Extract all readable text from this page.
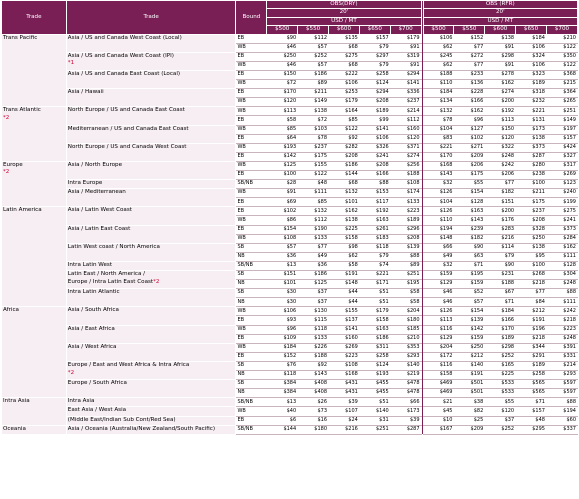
Trade	Trade	Bound	OBS(DRY)						OBS (RFR)				
			20'						20'				
			USD / MT						USD / MT				
			$500	$550	$600	$650	$700		$500	$550	$600	$650	$700

Trans Pacific	Asia / US and Canada West Coast (Local)	EB	$90	$112	$135	$157	$179		$106	$152	$138	$184	$210
		WB	$46	$57	$68	$79	$91		$62	$77	$91	$106	$122

	Asia / US and Canada West Coast (IPI)
*1	EB	$250	$252	$275	$297	$319		$245	$272	$298	$324	$350
		WB	$46	$57	$68	$79	$91		$62	$77	$91	$106	$122

	Asia / US and Canada East Coast (Local)	EB	$150	$186	$222	$258	$294		$188	$233	$278	$323	$368
		WB	$72	$89	$106	$124	$141		$110	$136	$162	$189	$215

	Asia / Hawaii	EB	$170	$211	$253	$294	$336		$184	$228	$274	$318	$364
		WB	$120	$149	$179	$208	$237		$134	$166	$200	$232	$265

Trans Atlantic
*2	North Europe / US and Canada East Coast	WB	$113	$138	$164	$189	$214		$132	$162	$192	$221	$251
		EB	$58	$72	$85	$99	$112		$78	$96	$113	$131	$149

	Mediterranean / US and Canada East Coast	WB	$85	$103	$122	$141	$160		$104	$127	$150	$173	$197
		EB	$64	$78	$92	$106	$120		$83	$102	$120	$138	$157

	North Europe / US and Canada West Coast	WB	$193	$237	$282	$326	$371		$221	$271	$322	$373	$424
		EB	$142	$175	$208	$241	$274		$170	$209	$248	$287	$327

Europe
*2	Asia / North Europe	WB	$125	$155	$186	$208	$256		$168	$206	$242	$280	$317
		EB	$100	$122	$144	$166	$188		$143	$175	$206	$238	$269

	Intra Europe	SB/NB	$28	$48	$68	$88	$108		$32	$55	$77	$100	$123

	Asia / Mediterranean	WB	$91	$111	$132	$153	$174		$126	$154	$182	$211	$240
		EB	$69	$85	$101	$117	$133		$104	$128	$151	$175	$199

Latin America	Asia / Latin West Coast	EB	$102	$132	$162	$192	$223		$126	$163	$200	$237	$275
		WB	$86	$112	$138	$163	$189		$110	$143	$176	$208	$241

	Asia / Latin East Coast	EB	$154	$190	$225	$261	$296		$194	$239	$283	$328	$373
		WB	$108	$133	$158	$183	$208		$148	$182	$216	$250	$284

	Latin West coast / North America	SB	$57	$77	$98	$118	$139		$66	$90	$114	$138	$162
		NB	$36	$49	$62	$79	$88		$49	$63	$79	$95	$111

	Intra Latin West	SB/NB	$13	$36	$58	$74	$89		$32	$71	$90	$100	$128

	Latin East / North America /
Europe / Intra Latin East Coast*2	SB	$151	$186	$191	$221	$251		$159	$195	$231	$268	$304
		NB	$101	$125	$148	$171	$195		$129	$159	$188	$218	$248

	Intra Latin Atlantic	SB	$30	$37	$44	$51	$58		$46	$52	$67	$77	$88
		NB	$30	$37	$44	$51	$58		$46	$57	$71	$84	$111

Africa	Asia / South Africa	WB	$106	$130	$155	$179	$204		$126	$154	$184	$212	$242
		EB	$93	$115	$137	$158	$180		$113	$139	$166	$191	$218

	Asia / East Africa	WB	$96	$118	$141	$163	$185		$116	$142	$170	$196	$223
		EB	$109	$133	$160	$186	$210		$129	$159	$189	$218	$248

	Asia / West Africa	WB	$184	$226	$269	$311	$353		$204	$250	$298	$344	$391
		EB	$152	$188	$223	$258	$293		$172	$212	$252	$291	$331

	Europe / East and West Africa & Intra Africa
*2	SB	$76	$92	$108	$124	$140		$116	$140	$165	$189	$214
		NB	$118	$143	$168	$193	$219		$158	$191	$225	$258	$293

	Europe / South Africa	SB	$384	$408	$431	$455	$478		$469	$501	$533	$565	$597
		NB	$384	$408	$431	$455	$478		$469	$501	$533	$565	$597

Intra Asia	Intra Asia	SB/NB	$13	$26	$39	$51	$66		$21	$38	$55	$71	$88

	East Asia / West Asia	WB	$40	$73	$107	$140	$173		$45	$82	$120	$157	$194

	(Middle East/Indian Sub Cont/Red Sea)	EB	$6	$16	$24	$31	$39		$10	$25	$37	$48	$60

Oceania	Asia / Oceania (Australia/New Zealand/South Pacific)	SB/NB	$144	$180	$216	$251	$287		$167	$209	$252	$295	$337
